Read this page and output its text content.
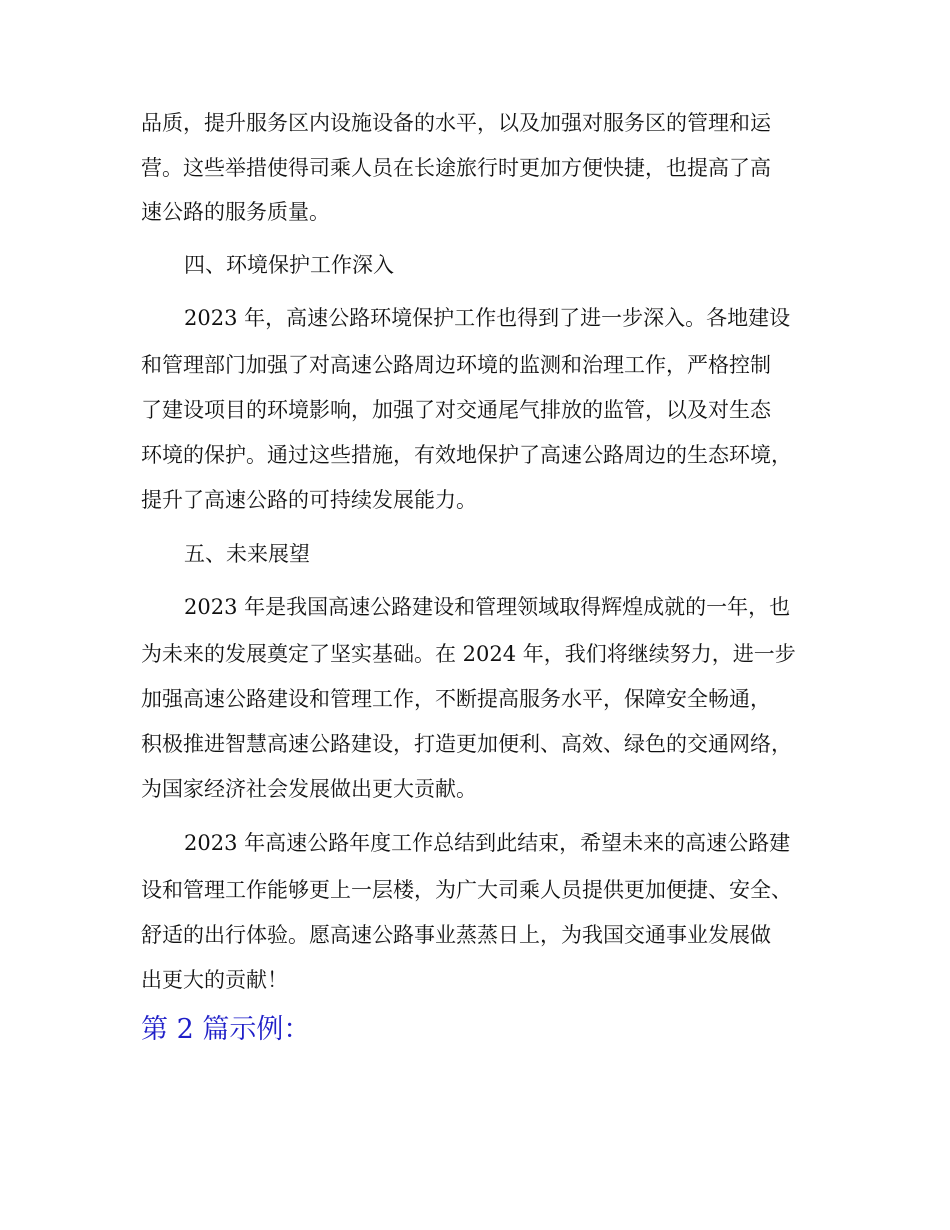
品质，提升服务区内设施设备的水平，以及加强对服务区的管理和运
营。这些举措使得司乘人员在长途旅行时更加方便快捷，也提高了高
速公路的服务质量。
四、环境保护工作深入
2023 年，高速公路环境保护工作也得到了进一步深入。各地建设
和管理部门加强了对高速公路周边环境的监测和治理工作，严格控制
了建设项目的环境影响，加强了对交通尾气排放的监管，以及对生态
环境的保护。通过这些措施，有效地保护了高速公路周边的生态环境，
提升了高速公路的可持续发展能力。
五、未来展望
2023 年是我国高速公路建设和管理领域取得辉煌成就的一年，也
为未来的发展奠定了坚实基础。在 2024 年，我们将继续努力，进一步
加强高速公路建设和管理工作，不断提高服务水平，保障安全畅通，
积极推进智慧高速公路建设，打造更加便利、高效、绿色的交通网络，
为国家经济社会发展做出更大贡献。
2023 年高速公路年度工作总结到此结束，希望未来的高速公路建
设和管理工作能够更上一层楼，为广大司乘人员提供更加便捷、安全、
舒适的出行体验。愿高速公路事业蒸蒸日上，为我国交通事业发展做
出更大的贡献！
第 2 篇示例：
